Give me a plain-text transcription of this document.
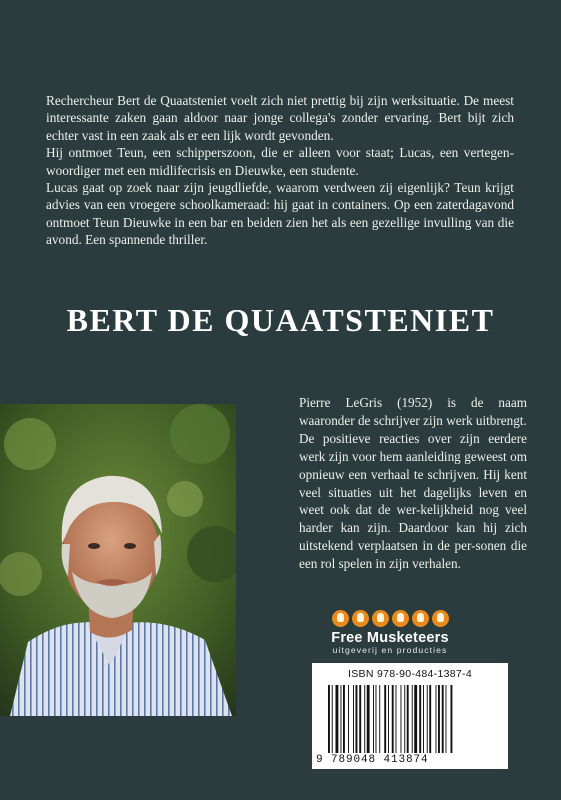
Rechercheur Bert de Quaatsteniet voelt zich niet prettig bij zijn werksituatie. De meest interessante zaken gaan aldoor naar jonge collega's zonder ervaring. Bert bijt zich echter vast in een zaak als er een lijk wordt gevonden.

Hij ontmoet Teun, een schipperszoon, die er alleen voor staat; Lucas, een vertegen-woordiger met een midlifecrisis en Dieuwke, een studente.

Lucas gaat op zoek naar zijn jeugdliefde, waarom verdween zij eigenlijk? Teun krijgt advies van een vroegere schoolkameraad: hij gaat in containers. Op een zaterdagavond ontmoet Teun Dieuwke in een bar en beiden zien het als een gezellige invulling van die avond. Een spannende thriller.

BERT DE QUAATSTENIET

Pierre LeGris (1952) is de naam waaronder de schrijver zijn werk uitbrengt.

De positieve reacties over zijn eerdere werk zijn voor hem aanleiding geweest om opnieuw een verhaal te schrijven. Hij kent veel situaties uit het dagelijks leven en weet ook dat de wer-kelijkheid nog veel harder kan zijn. Daardoor kan hij zich uitstekend verplaatsen in de per-sonen die een rol spelen in zijn verhalen.

Free Musketeers
uitgeverij en producties
ISBN 978-90-484-1387-4
9 789048 413874
